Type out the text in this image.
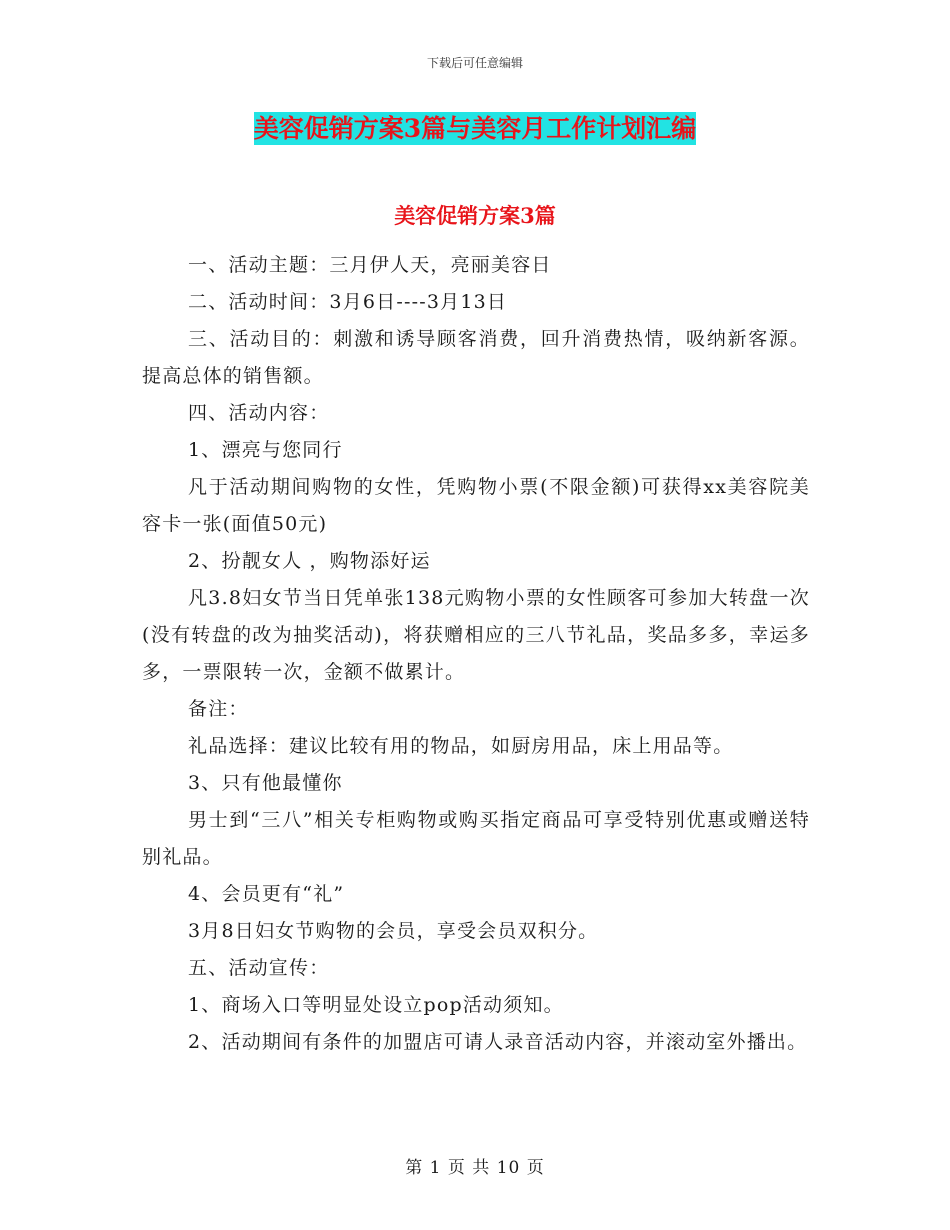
下载后可任意编辑
美容促销方案3篇与美容月工作计划汇编
美容促销方案3篇

一、活动主题：三月伊人天，亮丽美容日

二、活动时间：3月6日----3月13日

三、活动目的：刺激和诱导顾客消费，回升消费热情，吸纳新客源。提高总体的销售额。

四、活动内容：

1、漂亮与您同行

凡于活动期间购物的女性，凭购物小票(不限金额)可获得xx美容院美容卡一张(面值50元)

2、扮靓女人 ，购物添好运

凡3.8妇女节当日凭单张138元购物小票的女性顾客可参加大转盘一次(没有转盘的改为抽奖活动)，将获赠相应的三八节礼品，奖品多多，幸运多多，一票限转一次，金额不做累计。

备注：

礼品选择：建议比较有用的物品，如厨房用品，床上用品等。

3、只有他最懂你

男士到“三八”相关专柜购物或购买指定商品可享受特别优惠或赠送特别礼品。

4、会员更有“礼”

3月8日妇女节购物的会员，享受会员双积分。

五、活动宣传：

1、商场入口等明显处设立pop活动须知。

2、活动期间有条件的加盟店可请人录音活动内容，并滚动室外播出。

第 1 页 共 10 页
